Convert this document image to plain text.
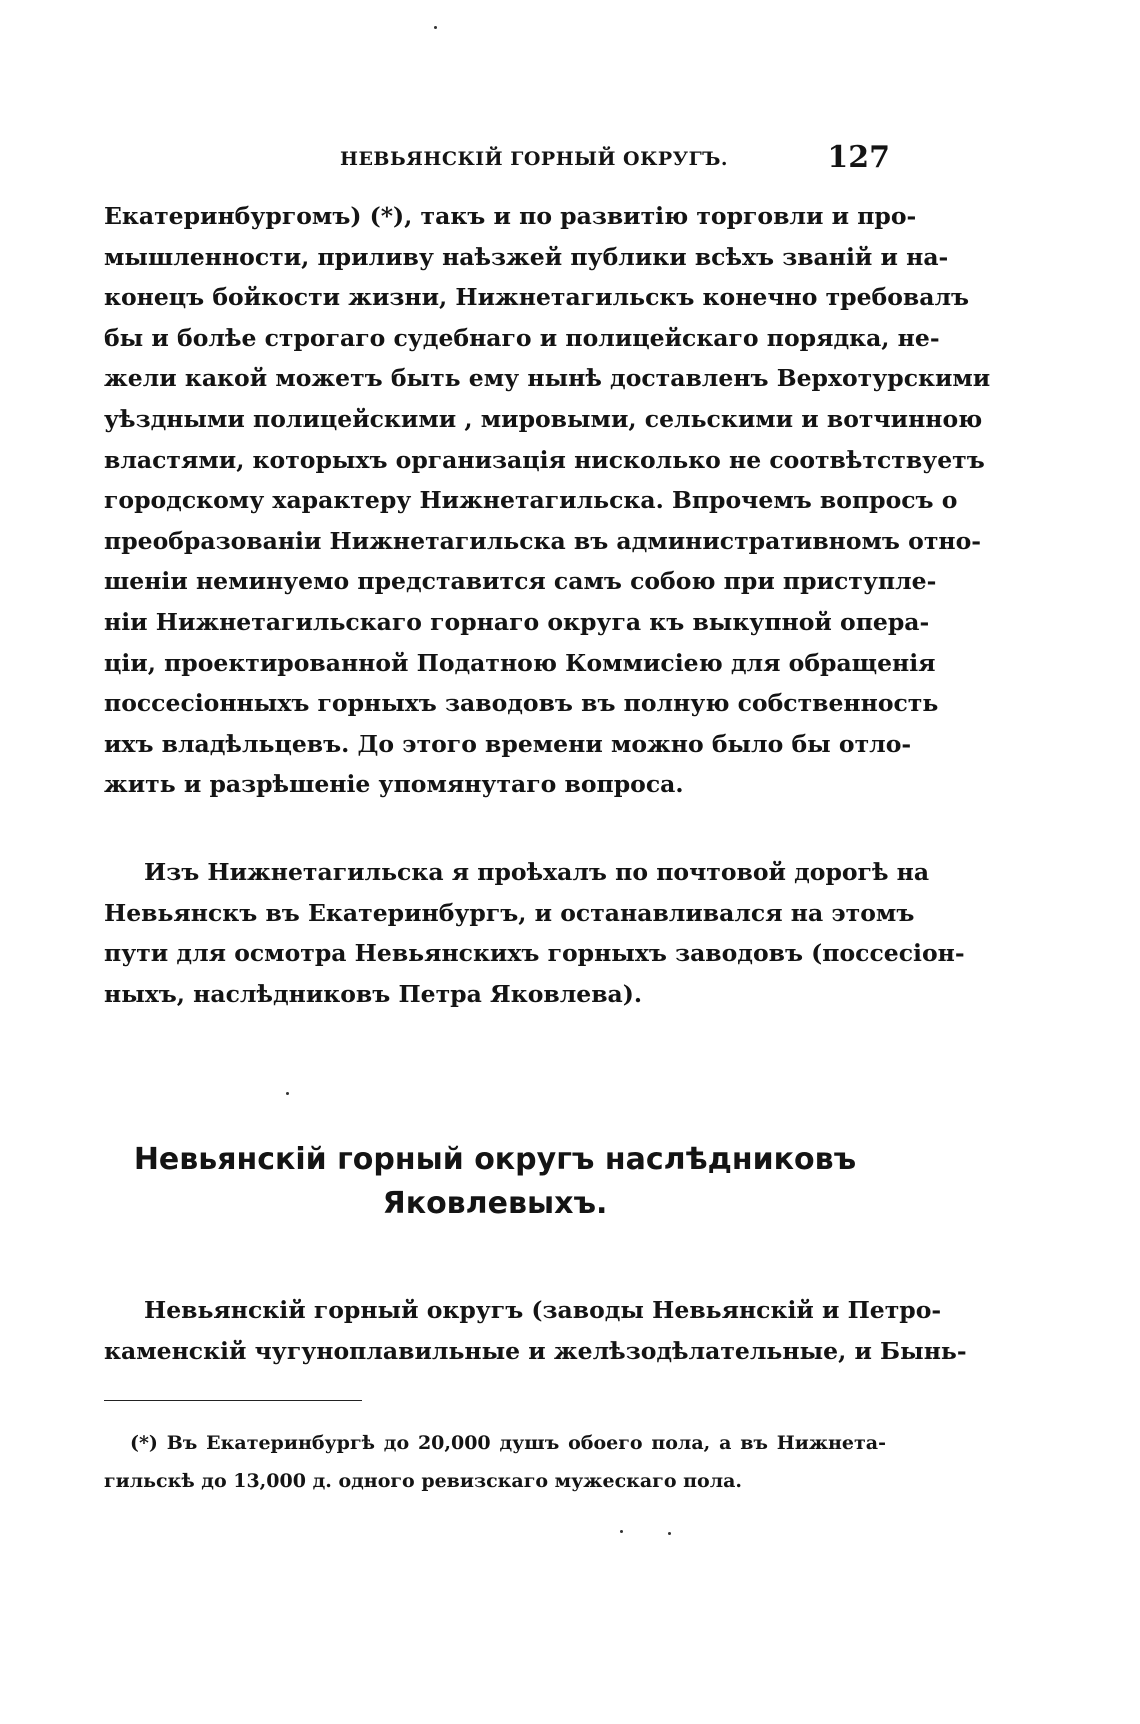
НЕВЬЯНСКІЙ ГОРНЫЙ ОКРУГЪ.	127
Екатеринбургомъ) (*), такъ и по развитію торговли и про-
мышленности, приливу наѣзжей публики всѣхъ званій и на-
конецъ бойкости жизни, Нижнетагильскъ конечно требовалъ
бы и болѣе строгаго судебнаго и полицейскаго порядка, не-
жели какой можетъ быть ему нынѣ доставленъ Верхотурскими
уѣздными полицейскими , мировыми, сельскими и вотчинною
властями, которыхъ организація нисколько не соотвѣтствуетъ
городскому характеру Нижнетагильска. Впрочемъ вопросъ о
преобразованіи Нижнетагильска въ административномъ отно-
шеніи неминуемо представится самъ собою при приступле-
ніи Нижнетагильскаго горнаго округа къ выкупной опера-
ціи, проектированной Податною Коммисіею для обращенія
поссесіонныхъ горныхъ заводовъ въ полную собственность
ихъ владѣльцевъ. До этого времени можно было бы отло-
жить и разрѣшеніе упомянутаго вопроса.
Изъ Нижнетагильска я проѣхалъ по почтовой дорогѣ на
Невьянскъ въ Екатеринбургъ, и останавливался на этомъ
пути для осмотра Невьянскихъ горныхъ заводовъ (поссесіон-
ныхъ, наслѣдниковъ Петра Яковлева).
Невьянскій горный округъ наслѣдниковъ
Яковлевыхъ.
Невьянскій горный округъ (заводы Невьянскій и Петро-
каменскій чугуноплавильные и желѣзодѣлательные, и Бынь-
(*) Въ Екатеринбургѣ до 20,000 душъ обоего пола, а въ Нижнета-
гильскѣ до 13,000 д. одного ревизскаго мужескаго пола.
